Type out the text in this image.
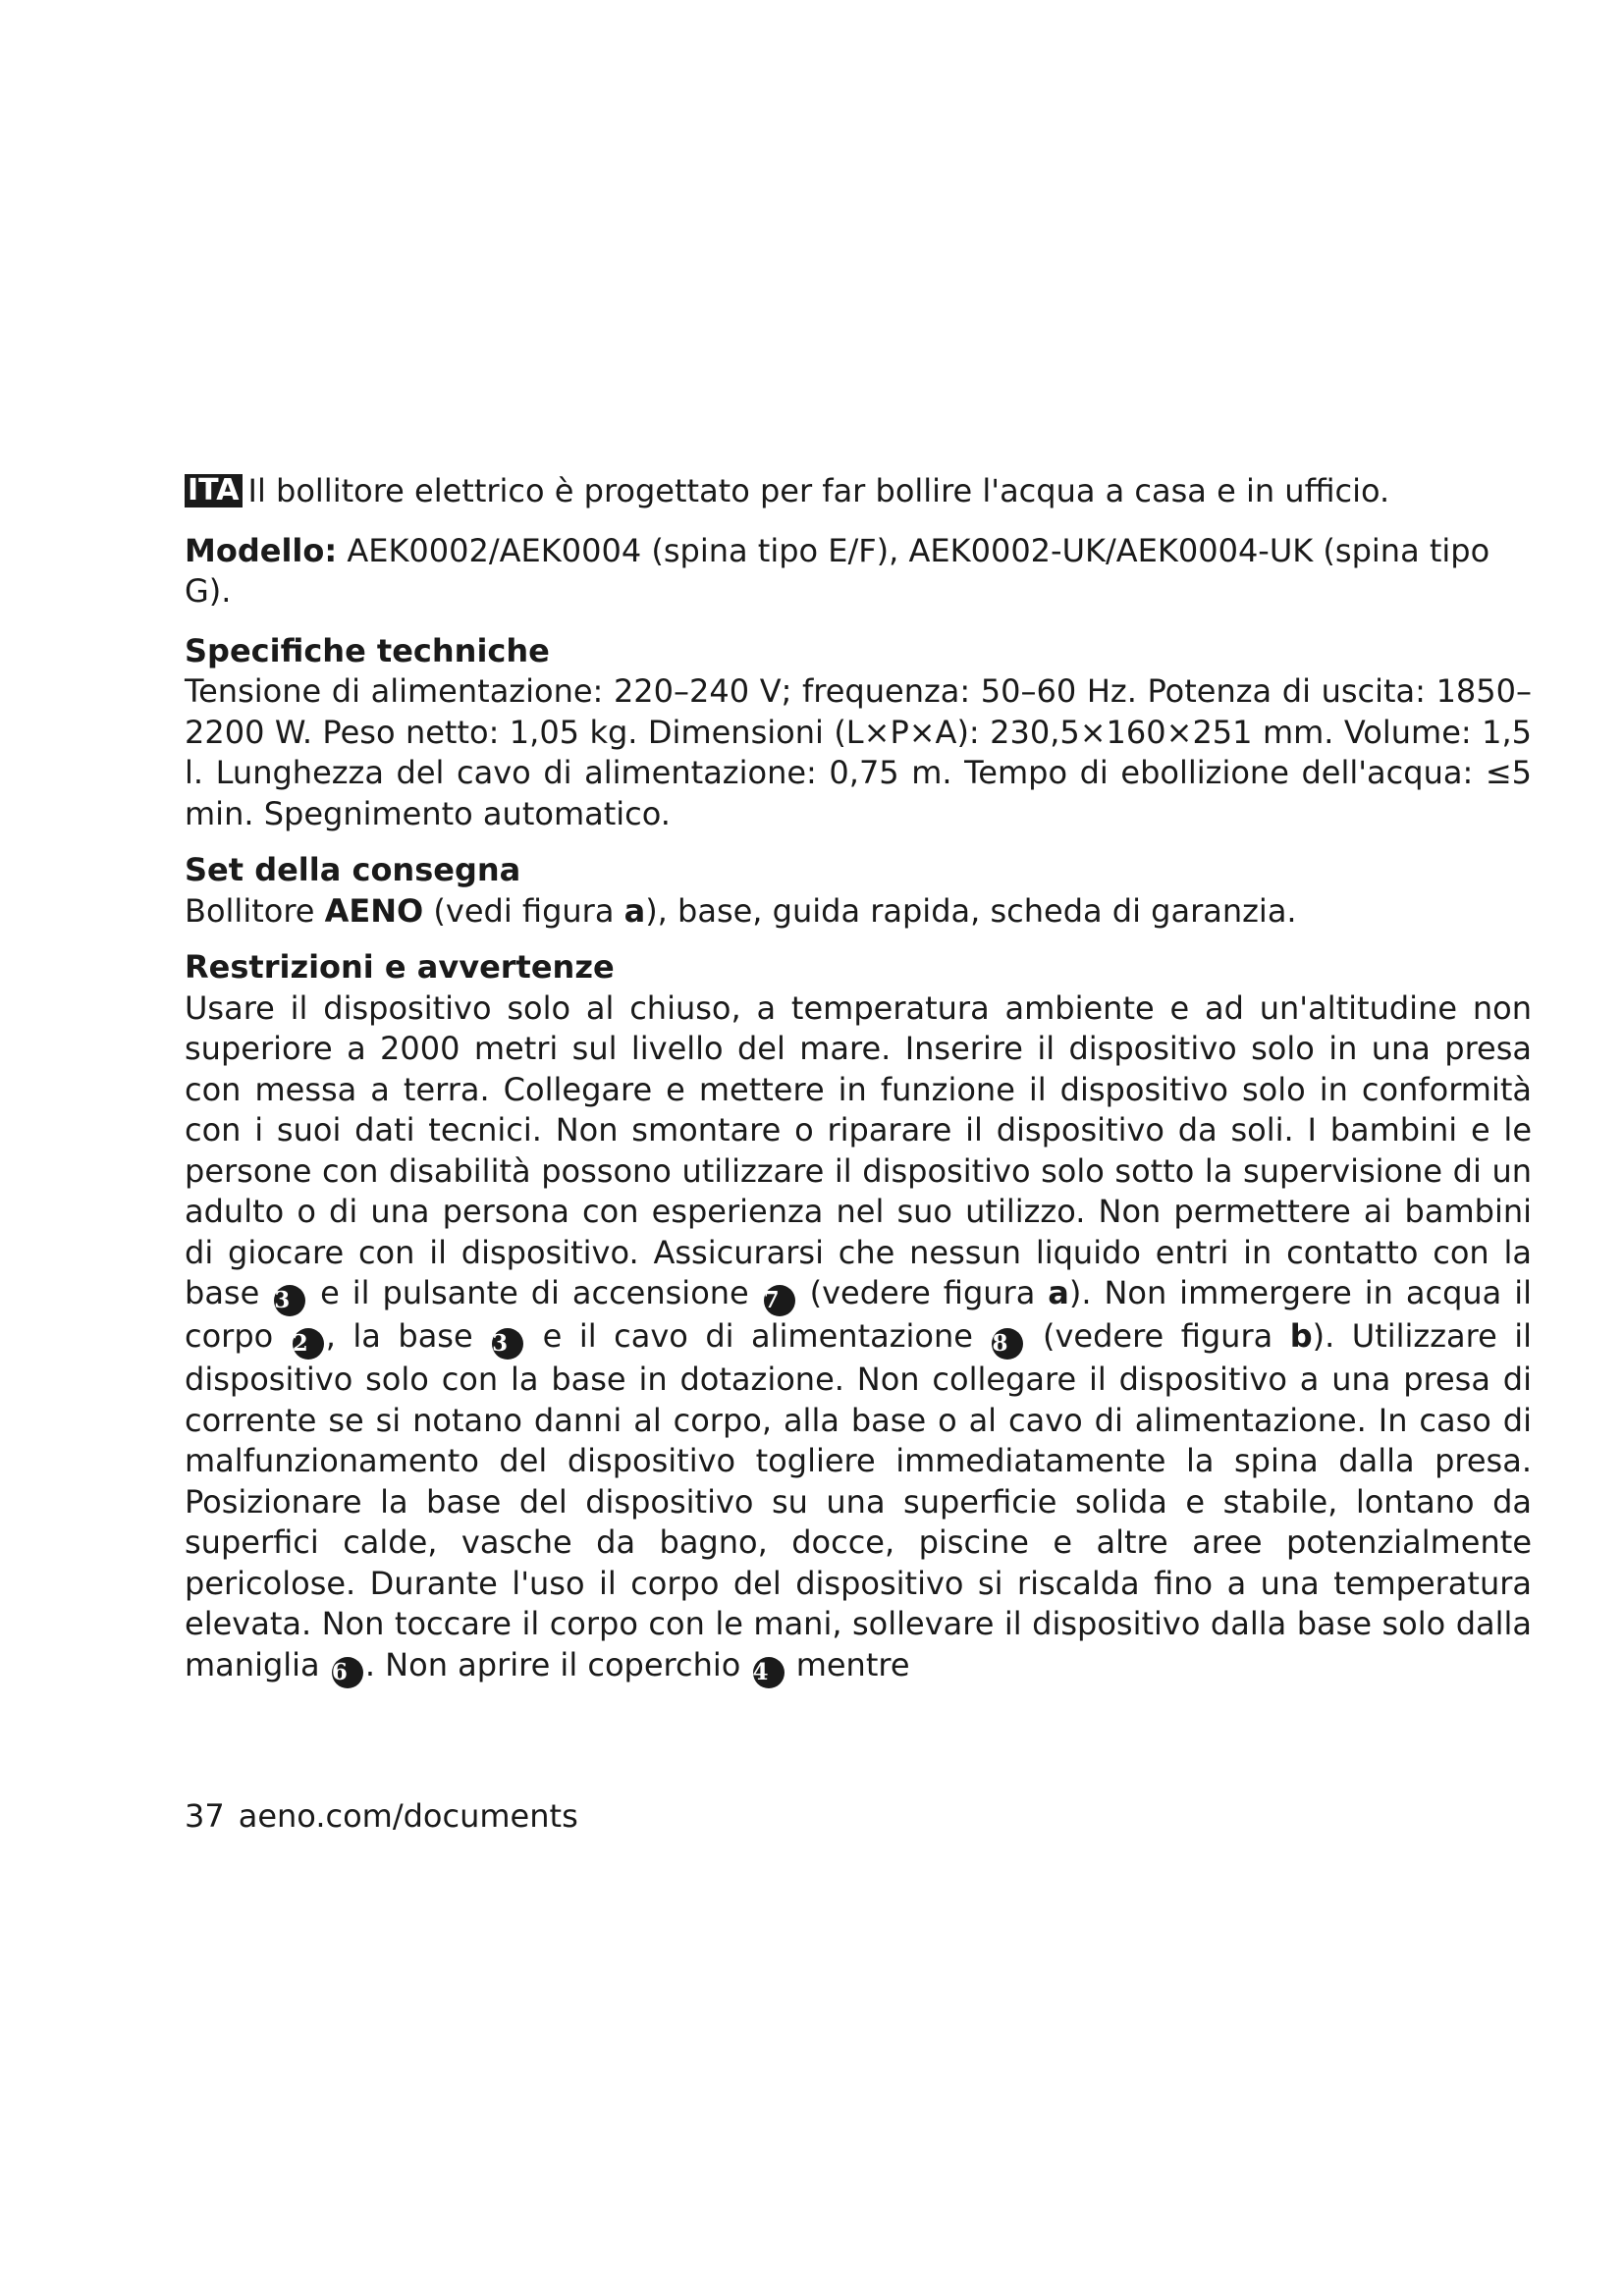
ITA Il bollitore elettrico è progettato per far bollire l'acqua a casa e in ufficio.

Modello: AEK0002/AEK0004 (spina tipo E/F), AEK0002-UK/AEK0004-UK (spina tipo G).

Specifiche techniche

Tensione di alimentazione: 220–240 V; frequenza: 50–60 Hz. Potenza di uscita: 1850–2200 W. Peso netto: 1,05 kg. Dimensioni (L×P×A): 230,5×160×251 mm. Volume: 1,5 l. Lunghezza del cavo di alimentazione: 0,75 m. Tempo di ebollizione dell'acqua: ≤5 min. Spegnimento automatico.

Set della consegna

Bollitore AENO (vedi figura a), base, guida rapida, scheda di garanzia.

Restrizioni e avvertenze

Usare il dispositivo solo al chiuso, a temperatura ambiente e ad un'altitudine non superiore a 2000 metri sul livello del mare. Inserire il dispositivo solo in una presa con messa a terra. Collegare e mettere in funzione il dispositivo solo in conformità con i suoi dati tecnici. Non smontare o riparare il dispositivo da soli. I bambini e le persone con disabilità possono utilizzare il dispositivo solo sotto la supervisione di un adulto o di una persona con esperienza nel suo utilizzo. Non permettere ai bambini di giocare con il dispositivo. Assicurarsi che nessun liquido entri in contatto con la base 3 e il pulsante di accensione 7 (vedere figura a). Non immergere in acqua il corpo 2 , la base 3 e il cavo di alimentazione 8 (vedere figura b). Utilizzare il dispositivo solo con la base in dotazione. Non collegare il dispositivo a una presa di corrente se si notano danni al corpo, alla base o al cavo di alimentazione. In caso di malfunzionamento del dispositivo togliere immediatamente la spina dalla presa. Posizionare la base del dispositivo su una superficie solida e stabile, lontano da superfici calde, vasche da bagno, docce, piscine e altre aree potenzialmente pericolose. Durante l'uso il corpo del dispositivo si riscalda fino a una temperatura elevata. Non toccare il corpo con le mani, sollevare il dispositivo dalla base solo dalla maniglia 6 . Non aprire il coperchio 4 mentre

37 aeno.com/documents
